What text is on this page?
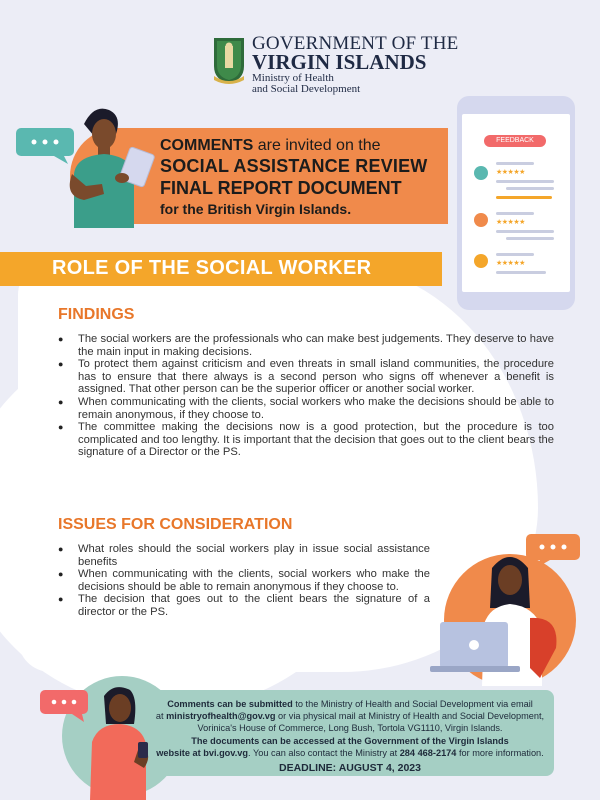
GOVERNMENT OF THE
VIRGIN ISLANDS
Ministry of Health
and Social Development
COMMENTS are invited on the
SOCIAL ASSISTANCE REVIEW
FINAL REPORT DOCUMENT
for the British Virgin Islands.
FEEDBACK
★★★★★
★★★★★
★★★★★
ROLE OF THE SOCIAL WORKER
FINDINGS
● The social workers are the professionals who can make best judgements. They deserve to have the main input in making decisions.
● To protect them against criticism and even threats in small island communities, the procedure has to ensure that there always is a second person who signs off whenever a benefit is assigned. That other person can be the superior officer or another social worker.
● When communicating with the clients, social workers who make the decisions should be able to remain anonymous, if they choose to.
● The committee making the decisions now is a good protection, but the procedure is too complicated and too lengthy. It is important that the decision that goes out to the client bears the signature of a Director or the PS.
ISSUES FOR CONSIDERATION
● What roles should the social workers play in issue social assistance benefits
● When communicating with the clients, social workers who make the decisions should be able to remain anonymous if they choose to.
● The decision that goes out to the client bears the signature of a director or the PS.
Comments can be submitted to the Ministry of Health and Social Development via email
at ministryofhealth@gov.vg or via physical mail at Ministry of Health and Social Development,
Vorinica's House of Commerce, Long Bush, Tortola VG1110, Virgin Islands.
The documents can be accessed at the Government of the Virgin Islands
website at bvi.gov.vg. You can also contact the Ministry at 284 468-2174 for more information.
DEADLINE: AUGUST 4, 2023
